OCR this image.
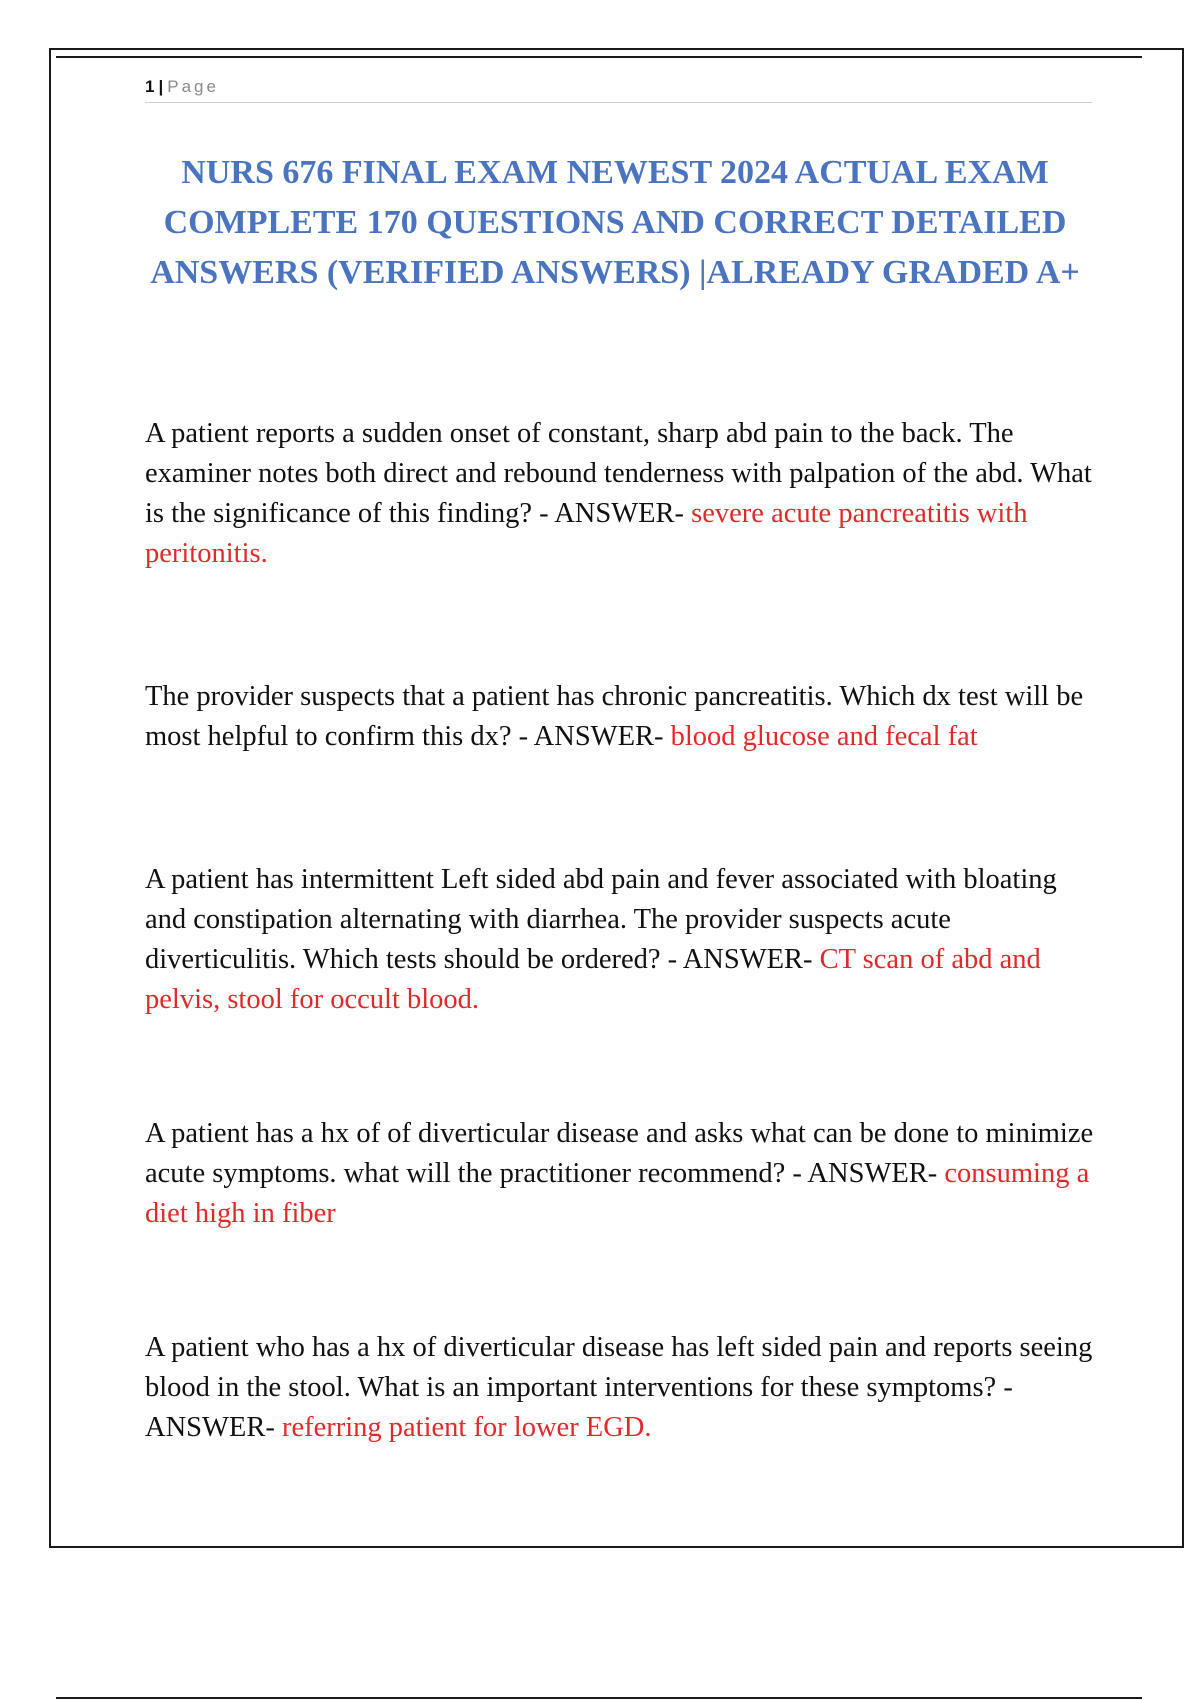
1 | Page
NURS 676 FINAL EXAM NEWEST 2024 ACTUAL EXAM COMPLETE 170 QUESTIONS AND CORRECT DETAILED ANSWERS (VERIFIED ANSWERS) |ALREADY GRADED A+

A patient reports a sudden onset of constant, sharp abd pain to the back. The examiner notes both direct and rebound tenderness with palpation of the abd. What is the significance of this finding? - ANSWER- severe acute pancreatitis with peritonitis.

The provider suspects that a patient has chronic pancreatitis. Which dx test will be most helpful to confirm this dx? - ANSWER- blood glucose and fecal fat

A patient has intermittent Left sided abd pain and fever associated with bloating and constipation alternating with diarrhea. The provider suspects acute diverticulitis. Which tests should be ordered? - ANSWER- CT scan of abd and pelvis, stool for occult blood.

A patient has a hx of of diverticular disease and asks what can be done to minimize acute symptoms. what will the practitioner recommend? - ANSWER- consuming a diet high in fiber

A patient who has a hx of diverticular disease has left sided pain and reports seeing blood in the stool. What is an important interventions for these symptoms? - ANSWER- referring patient for lower EGD.
